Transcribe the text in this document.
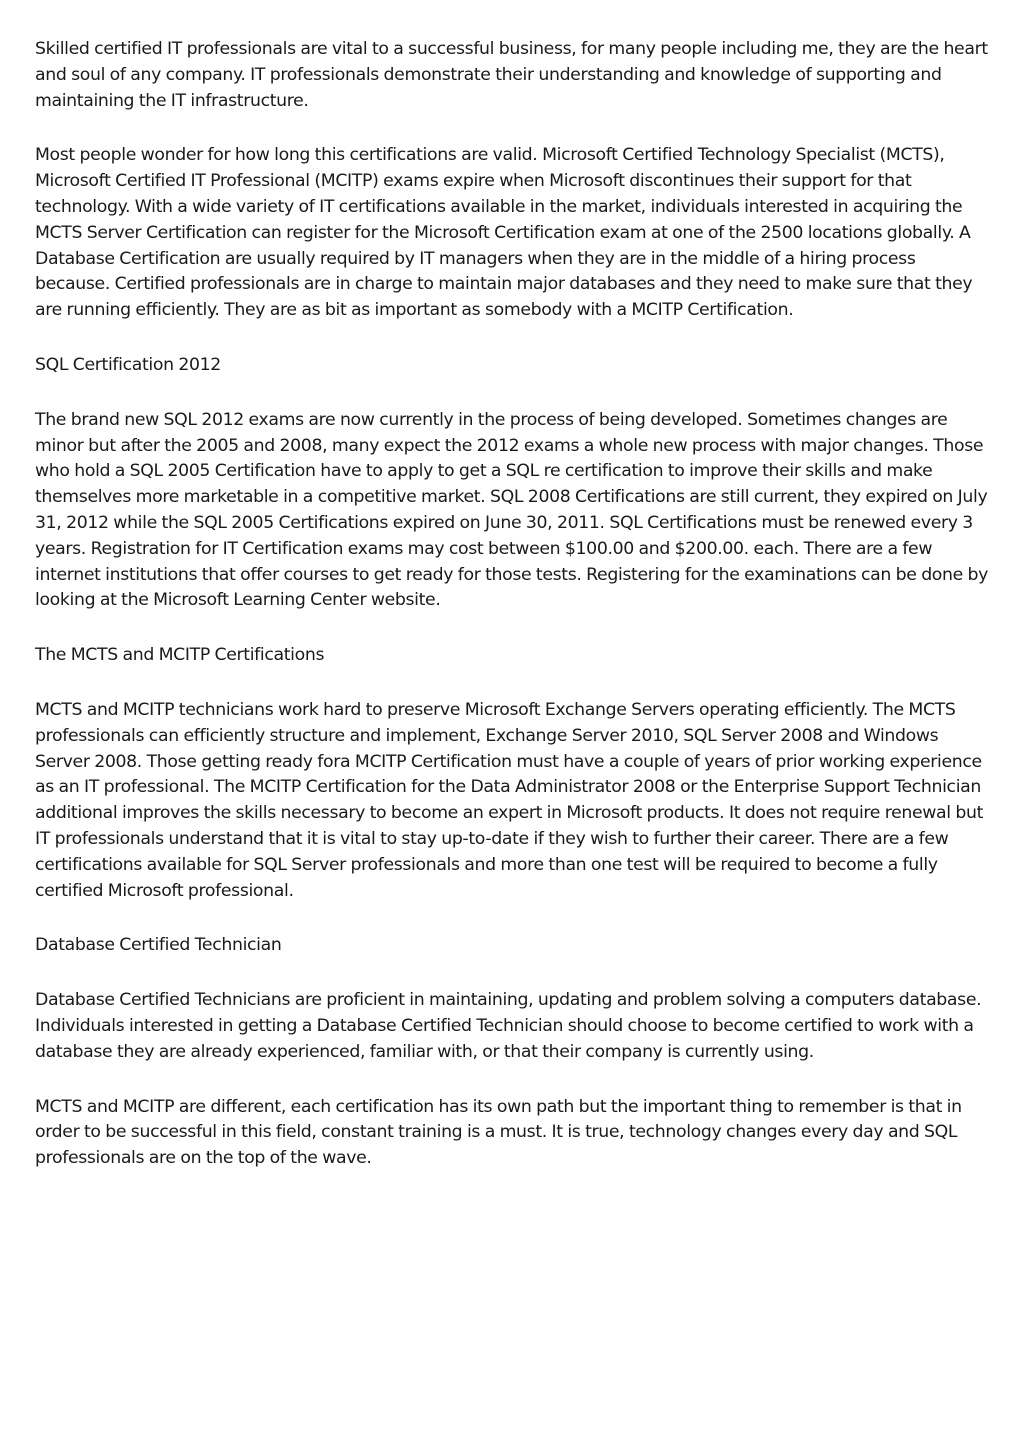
Skilled certified IT professionals are vital to a successful business, for many people including me, they are the heart and soul of any company. IT professionals demonstrate their understanding and knowledge of supporting and maintaining the IT infrastructure.

Most people wonder for how long this certifications are valid. Microsoft Certified Technology Specialist (MCTS), Microsoft Certified IT Professional (MCITP) exams expire when Microsoft discontinues their support for that technology. With a wide variety of IT certifications available in the market, individuals interested in acquiring the MCTS Server Certification can register for the Microsoft Certification exam at one of the 2500 locations globally. A Database Certification are usually required by IT managers when they are in the middle of a hiring process because. Certified professionals are in charge to maintain major databases and they need to make sure that they are running efficiently. They are as bit as important as somebody with a MCITP Certification.

SQL Certification 2012

The brand new SQL 2012 exams are now currently in the process of being developed. Sometimes changes are minor but after the 2005 and 2008, many expect the 2012 exams a whole new process with major changes. Those who hold a SQL 2005 Certification have to apply to get a SQL re certification to improve their skills and make themselves more marketable in a competitive market. SQL 2008 Certifications are still current, they expired on July 31, 2012 while the SQL 2005 Certifications expired on June 30, 2011. SQL Certifications must be renewed every 3 years. Registration for IT Certification exams may cost between $100.00 and $200.00. each. There are a few internet institutions that offer courses to get ready for those tests. Registering for the examinations can be done by looking at the Microsoft Learning Center website.

The MCTS and MCITP Certifications

MCTS and MCITP technicians work hard to preserve Microsoft Exchange Servers operating efficiently. The MCTS professionals can efficiently structure and implement, Exchange Server 2010, SQL Server 2008 and Windows Server 2008. Those getting ready fora MCITP Certification must have a couple of years of prior working experience as an IT professional. The MCITP Certification for the Data Administrator 2008 or the Enterprise Support Technician additional improves the skills necessary to become an expert in Microsoft products. It does not require renewal but IT professionals understand that it is vital to stay up-to-date if they wish to further their career. There are a few certifications available for SQL Server professionals and more than one test will be required to become a fully certified Microsoft professional.

Database Certified Technician

Database Certified Technicians are proficient in maintaining, updating and problem solving a computers database. Individuals interested in getting a Database Certified Technician should choose to become certified to work with a database they are already experienced, familiar with, or that their company is currently using.

MCTS and MCITP are different, each certification has its own path but the important thing to remember is that in order to be successful in this field, constant training is a must. It is true, technology changes every day and SQL professionals are on the top of the wave.
